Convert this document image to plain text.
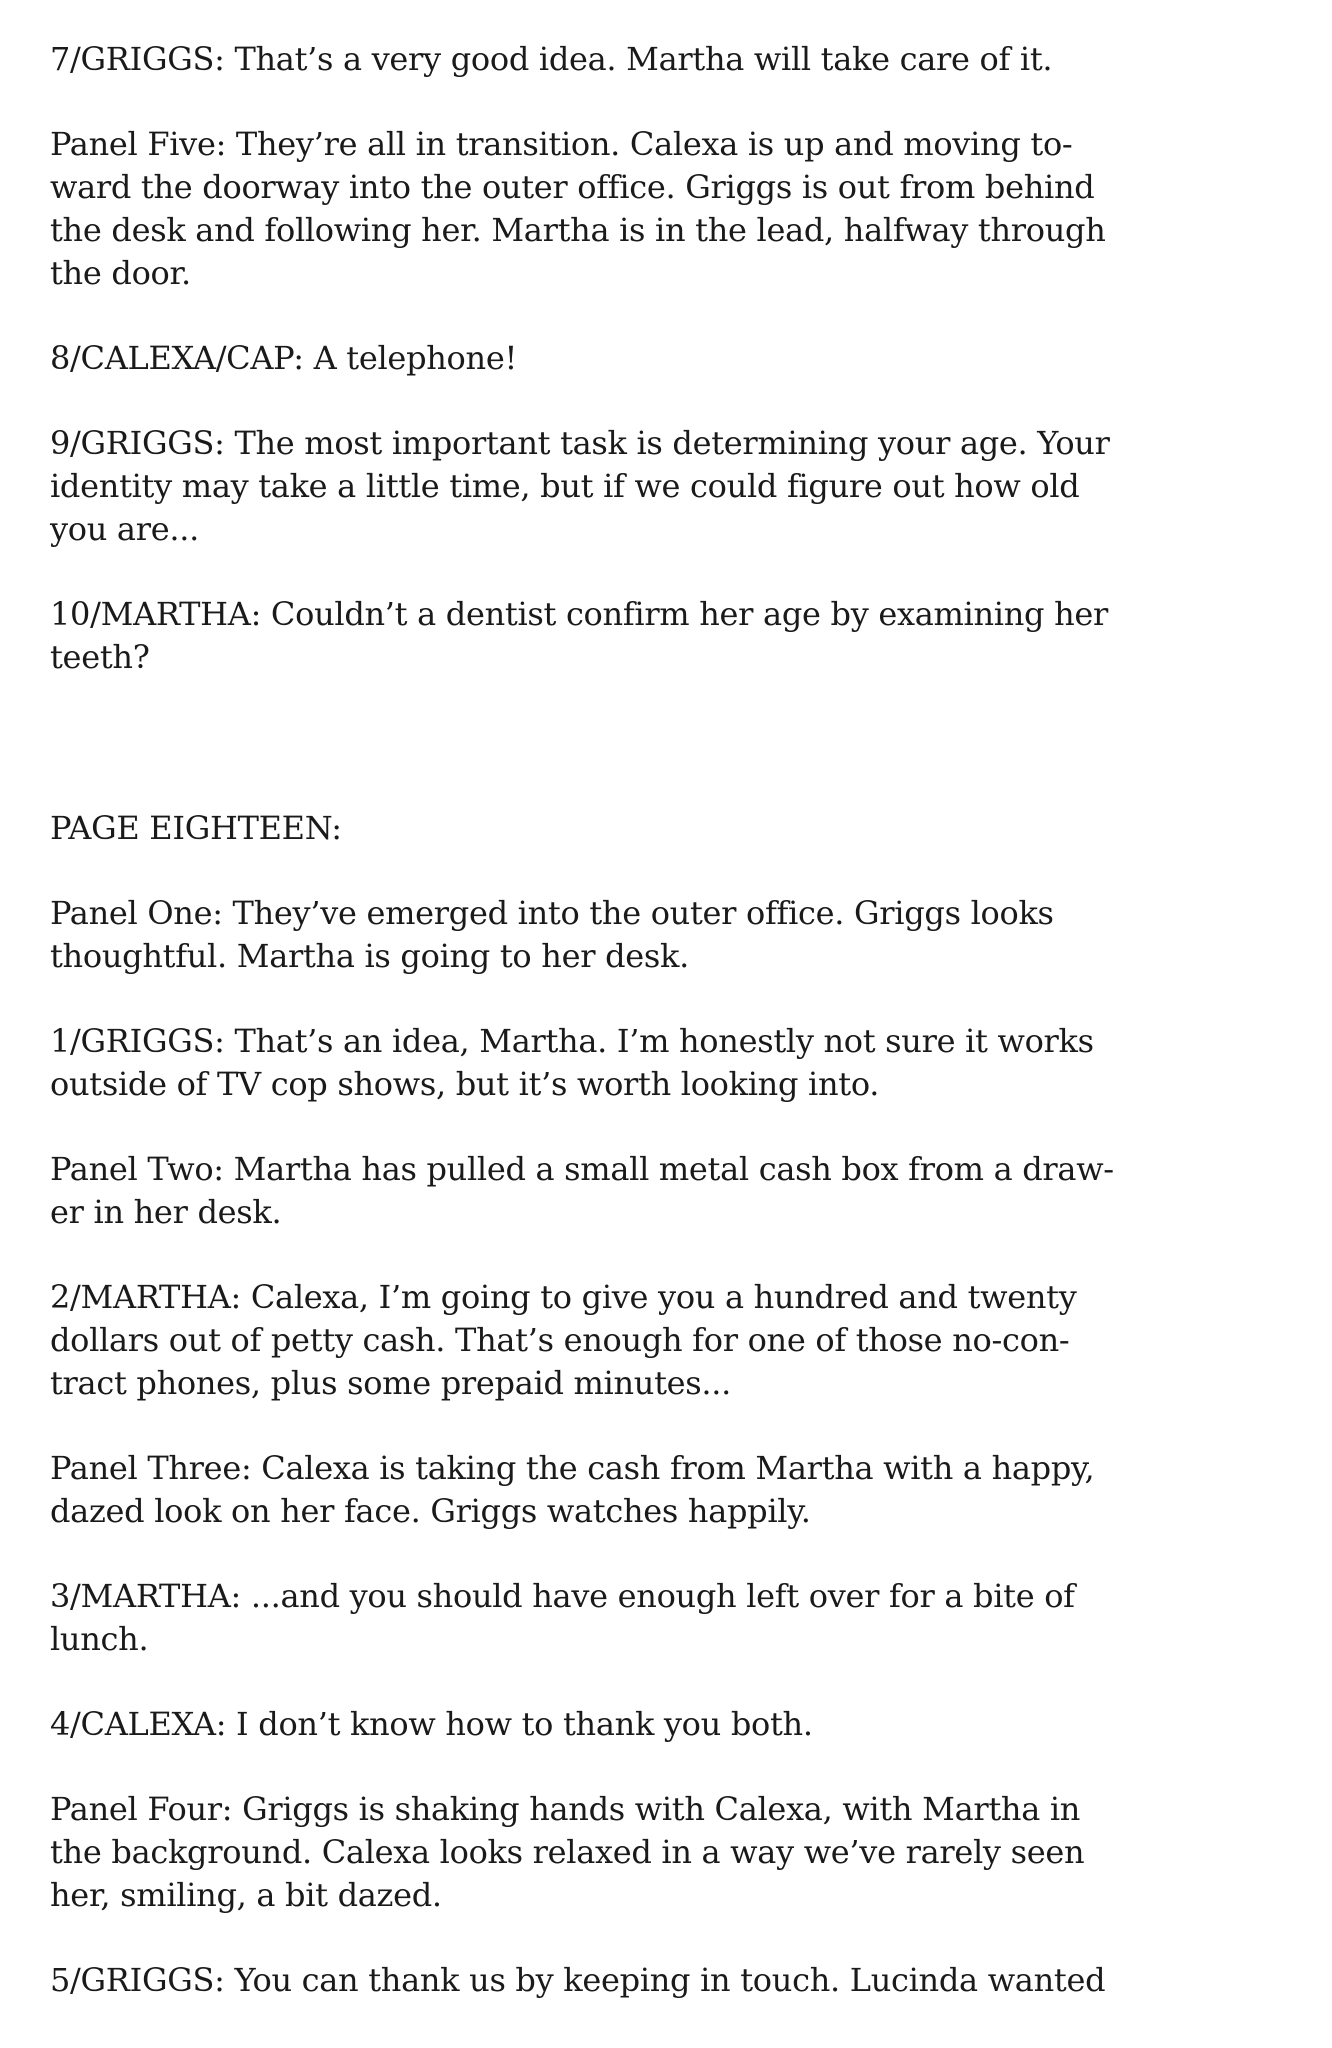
7/GRIGGS: That’s a very good idea. Martha will take care of it.

Panel Five: They’re all in transition. Calexa is up and moving to-
ward the doorway into the outer office. Griggs is out from behind
the desk and following her. Martha is in the lead, halfway through
the door.

8/CALEXA/CAP: A telephone!

9/GRIGGS: The most important task is determining your age. Your
identity may take a little time, but if we could figure out how old
you are...

10/MARTHA: Couldn’t a dentist confirm her age by examining her
teeth?

PAGE EIGHTEEN:

Panel One: They’ve emerged into the outer office. Griggs looks
thoughtful. Martha is going to her desk.

1/GRIGGS: That’s an idea, Martha. I’m honestly not sure it works
outside of TV cop shows, but it’s worth looking into.

Panel Two: Martha has pulled a small metal cash box from a draw-
er in her desk.

2/MARTHA: Calexa, I’m going to give you a hundred and twenty
dollars out of petty cash. That’s enough for one of those no-con-
tract phones, plus some prepaid minutes...

Panel Three: Calexa is taking the cash from Martha with a happy,
dazed look on her face. Griggs watches happily.

3/MARTHA: ...and you should have enough left over for a bite of
lunch.

4/CALEXA: I don’t know how to thank you both.

Panel Four: Griggs is shaking hands with Calexa, with Martha in
the background. Calexa looks relaxed in a way we’ve rarely seen
her, smiling, a bit dazed.

5/GRIGGS: You can thank us by keeping in touch. Lucinda wanted
